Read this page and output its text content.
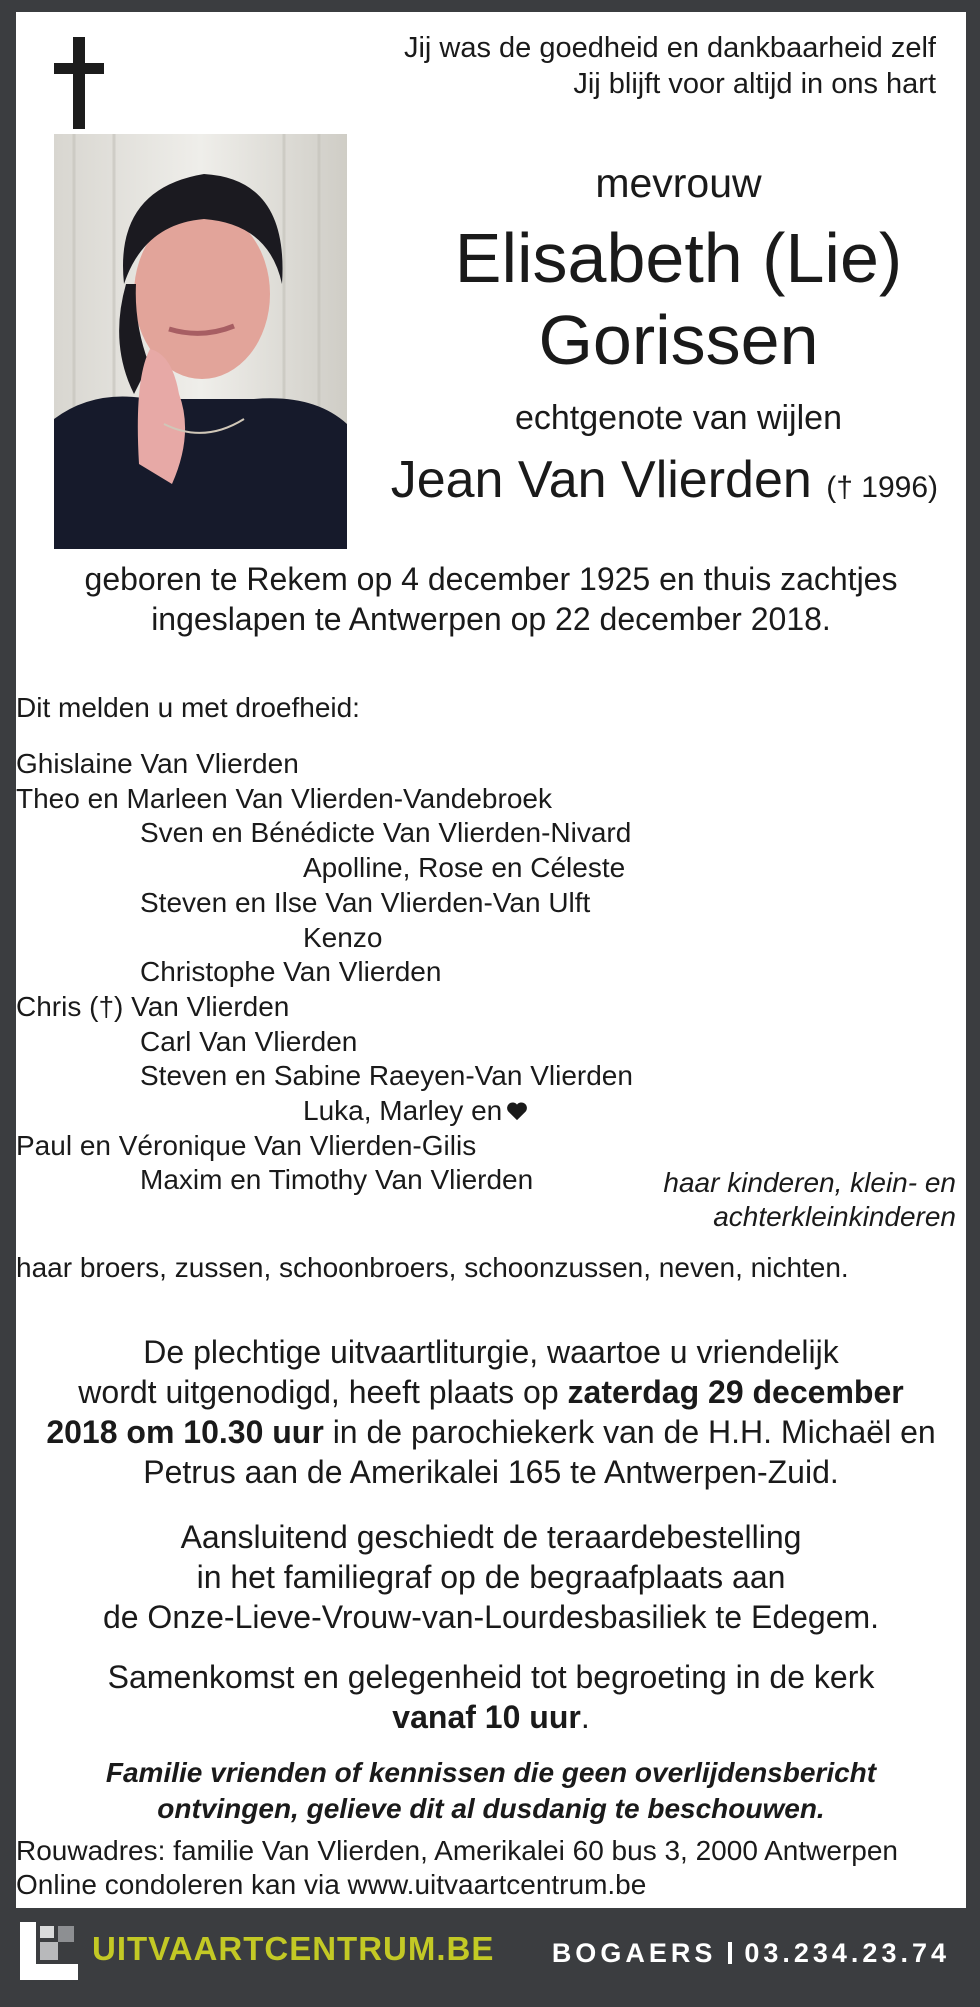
Jij was de goedheid en dankbaarheid zelf
Jij blijft voor altijd in ons hart
mevrouw
Elisabeth (Lie)
Gorissen
echtgenote van wijlen
Jean Van Vlierden († 1996)
geboren te Rekem op 4 december 1925 en thuis zachtjes
ingeslapen te Antwerpen op 22 december 2018.
Dit melden u met droefheid:
Ghislaine Van Vlierden
Theo en Marleen Van Vlierden-Vandebroek
Sven en Bénédicte Van Vlierden-Nivard
Apolline, Rose en Céleste
Steven en Ilse Van Vlierden-Van Ulft
Kenzo
Christophe Van Vlierden
Chris (†) Van Vlierden
Carl Van Vlierden
Steven en Sabine Raeyen-Van Vlierden
Luka, Marley en
Paul en Véronique Van Vlierden-Gilis
Maxim en Timothy Van Vlierden	haar kinderen, klein- en
achterkleinkinderen
haar broers, zussen, schoonbroers, schoonzussen, neven, nichten.
De plechtige uitvaartliturgie, waartoe u vriendelijk
wordt uitgenodigd, heeft plaats op zaterdag 29 december
2018 om 10.30 uur in de parochiekerk van de H.H. Michaël en
Petrus aan de Amerikalei 165 te Antwerpen-Zuid.
Aansluitend geschiedt de teraardebestelling
in het familiegraf op de begraafplaats aan
de Onze-Lieve-Vrouw-van-Lourdesbasiliek te Edegem.
Samenkomst en gelegenheid tot begroeting in de kerk
vanaf 10 uur.
Familie vrienden of kennissen die geen overlijdensbericht
ontvingen, gelieve dit al dusdanig te beschouwen.
Rouwadres: familie Van Vlierden, Amerikalei 60 bus 3, 2000 Antwerpen
Online condoleren kan via www.uitvaartcentrum.be
UITVAARTCENTRUM.BE BOGAERS 03.234.23.74
